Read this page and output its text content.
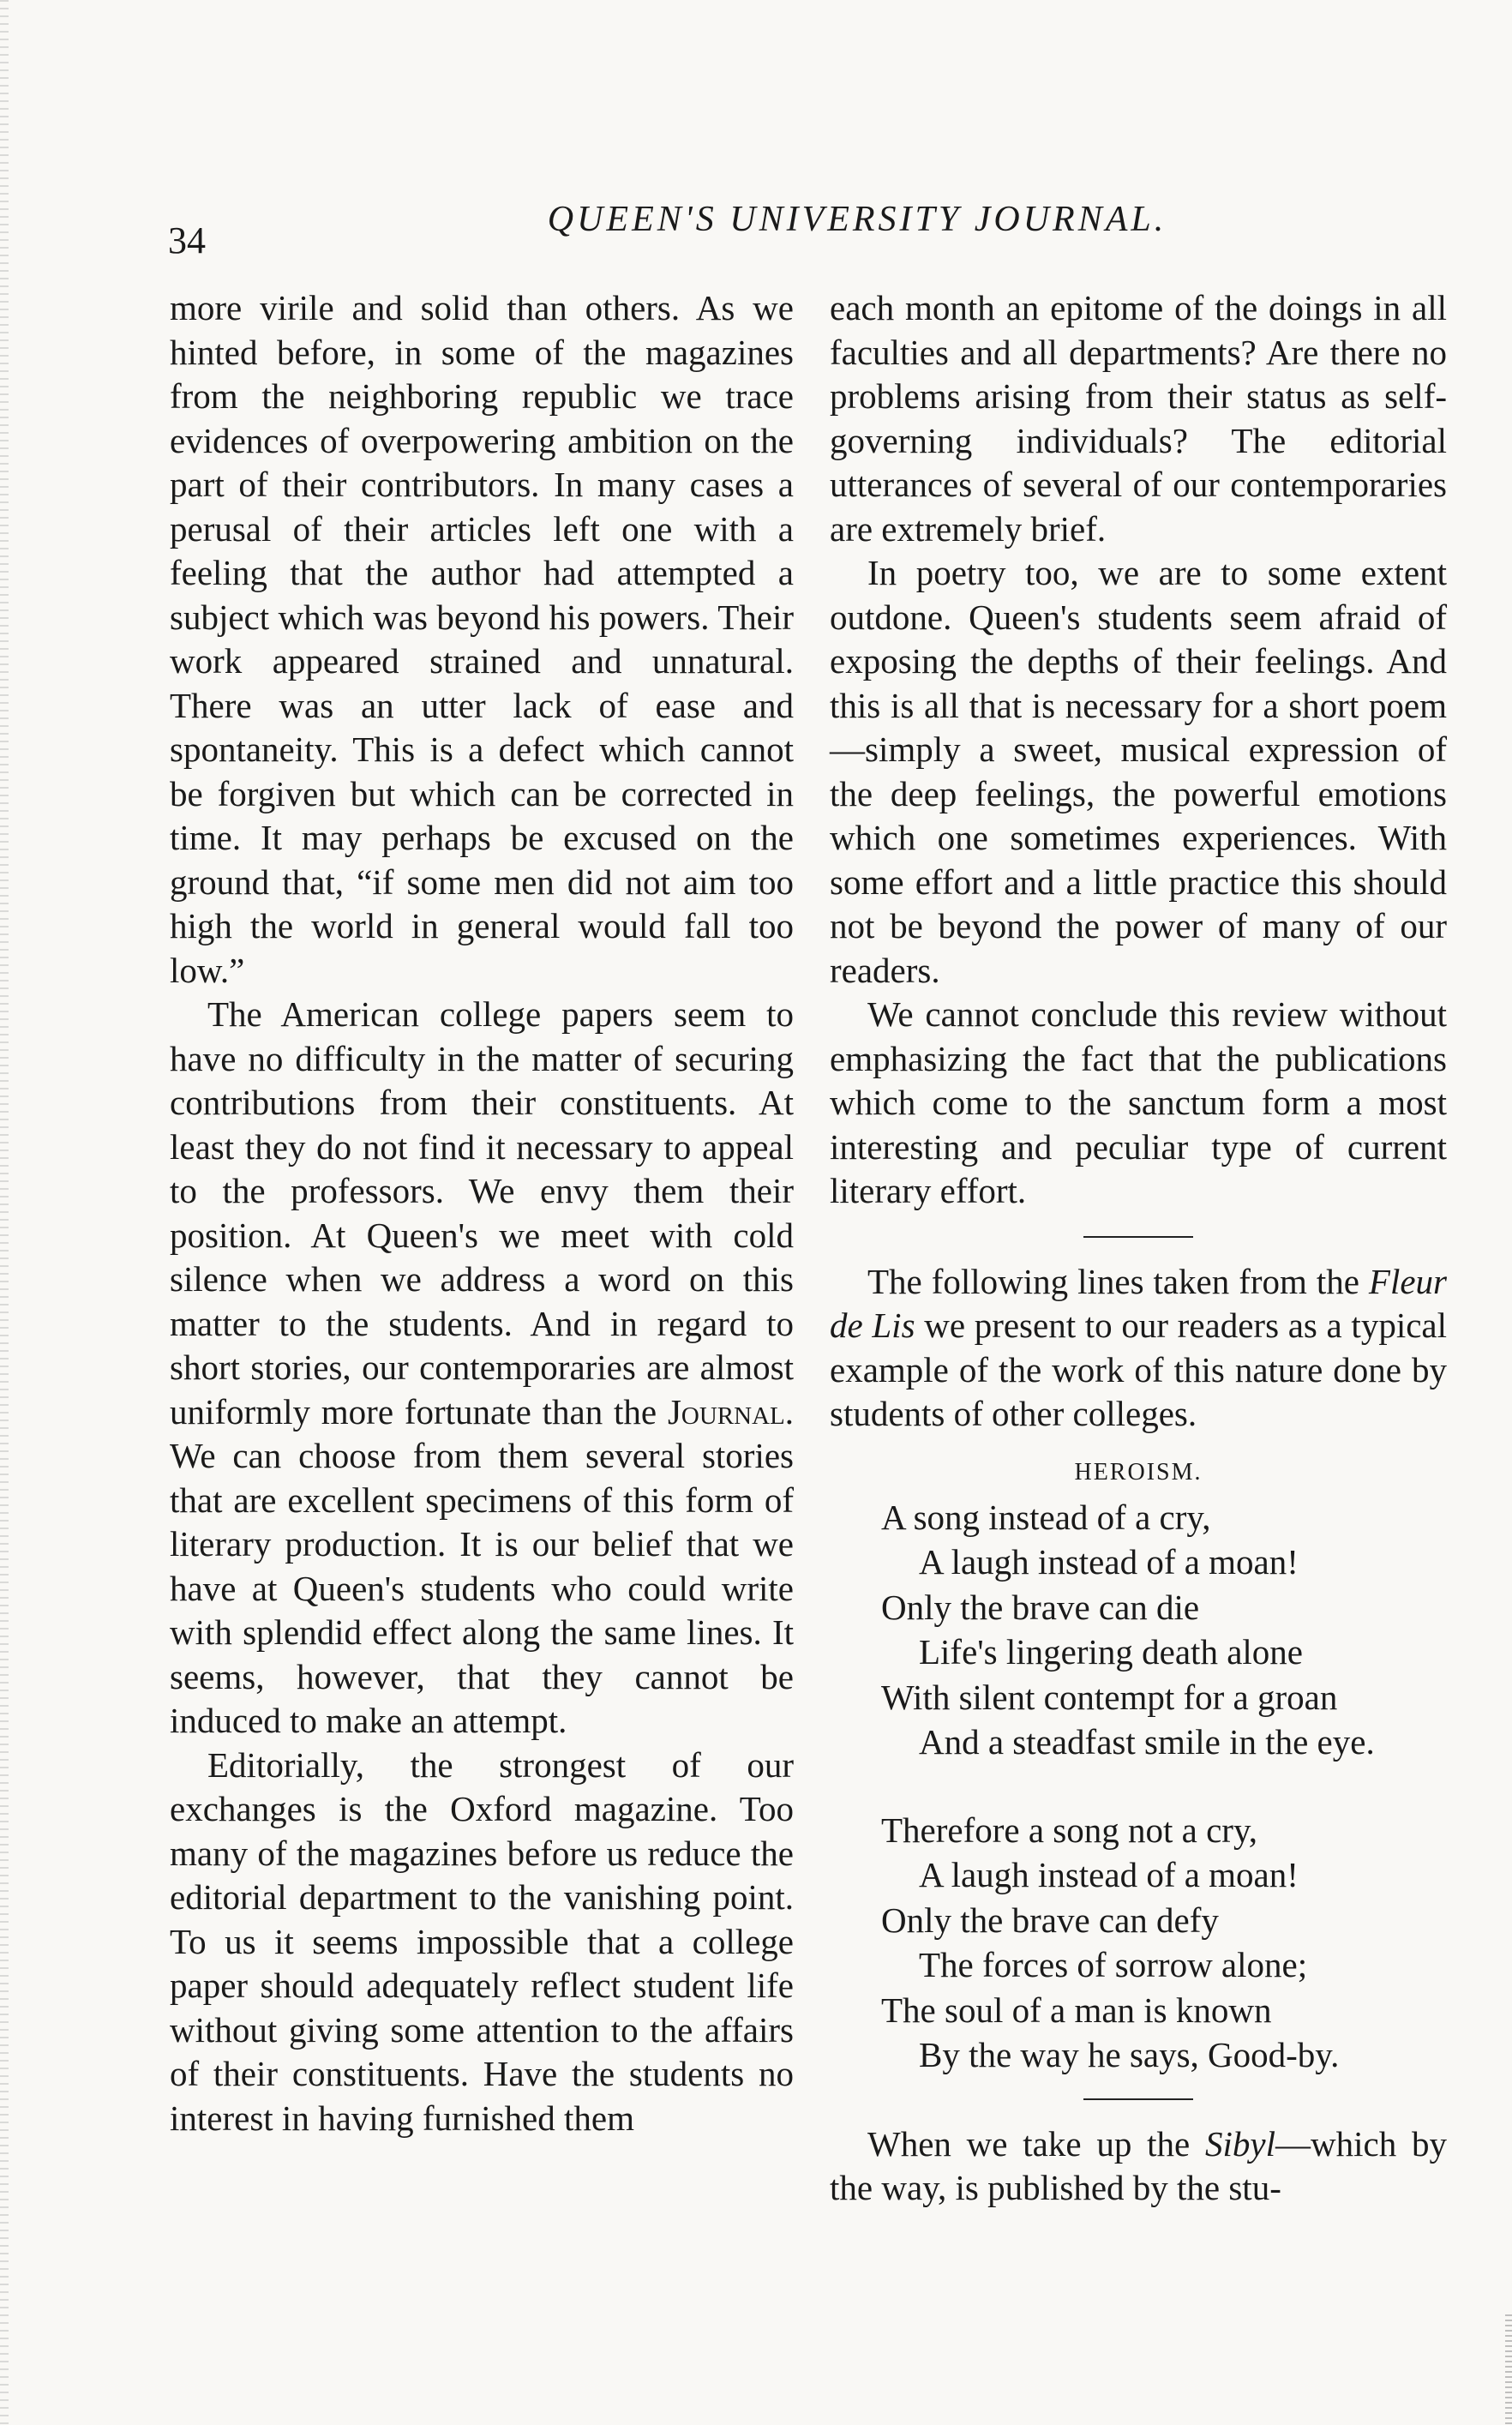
34	QUEEN'S UNIVERSITY JOURNAL.

more virile and solid than others. As we hinted before, in some of the magazines from the neighboring republic we trace evidences of overpowering ambition on the part of their contributors. In many cases a perusal of their articles left one with a feeling that the author had attempted a subject which was beyond his powers. Their work appeared strained and unnatural. There was an utter lack of ease and spontaneity. This is a defect which cannot be forgiven but which can be corrected in time. It may perhaps be excused on the ground that, “if some men did not aim too high the world in general would fall too low.”

The American college papers seem to have no difficulty in the matter of securing contributions from their constituents. At least they do not find it necessary to appeal to the professors. We envy them their position. At Queen's we meet with cold silence when we address a word on this matter to the students. And in regard to short stories, our contemporaries are almost uniformly more fortunate than the Journal. We can choose from them several stories that are excellent specimens of this form of literary production. It is our belief that we have at Queen's students who could write with splendid effect along the same lines. It seems, however, that they cannot be induced to make an attempt.

Editorially, the strongest of our exchanges is the Oxford magazine. Too many of the magazines before us reduce the editorial department to the vanishing point. To us it seems impossible that a college paper should adequately reflect student life without giving some attention to the affairs of their constituents. Have the students no interest in having furnished them

each month an epitome of the doings in all faculties and all departments? Are there no problems arising from their status as self-governing individuals? The editorial utterances of several of our contemporaries are extremely brief.

In poetry too, we are to some extent outdone. Queen's students seem afraid of exposing the depths of their feelings. And this is all that is necessary for a short poem—simply a sweet, musical expression of the deep feelings, the powerful emotions which one sometimes experiences. With some effort and a little practice this should not be beyond the power of many of our readers.

We cannot conclude this review without emphasizing the fact that the publications which come to the sanctum form a most interesting and peculiar type of current literary effort.

The following lines taken from the Fleur de Lis we present to our readers as a typical example of the work of this nature done by students of other colleges.

HEROISM.
A song instead of a cry,
A laugh instead of a moan!
Only the brave can die
Life's lingering death alone
With silent contempt for a groan
And a steadfast smile in the eye.
Therefore a song not a cry,
A laugh instead of a moan!
Only the brave can defy
The forces of sorrow alone;
The soul of a man is known
By the way he says, Good-by.

When we take up the Sibyl—which by the way, is published by the stu-
